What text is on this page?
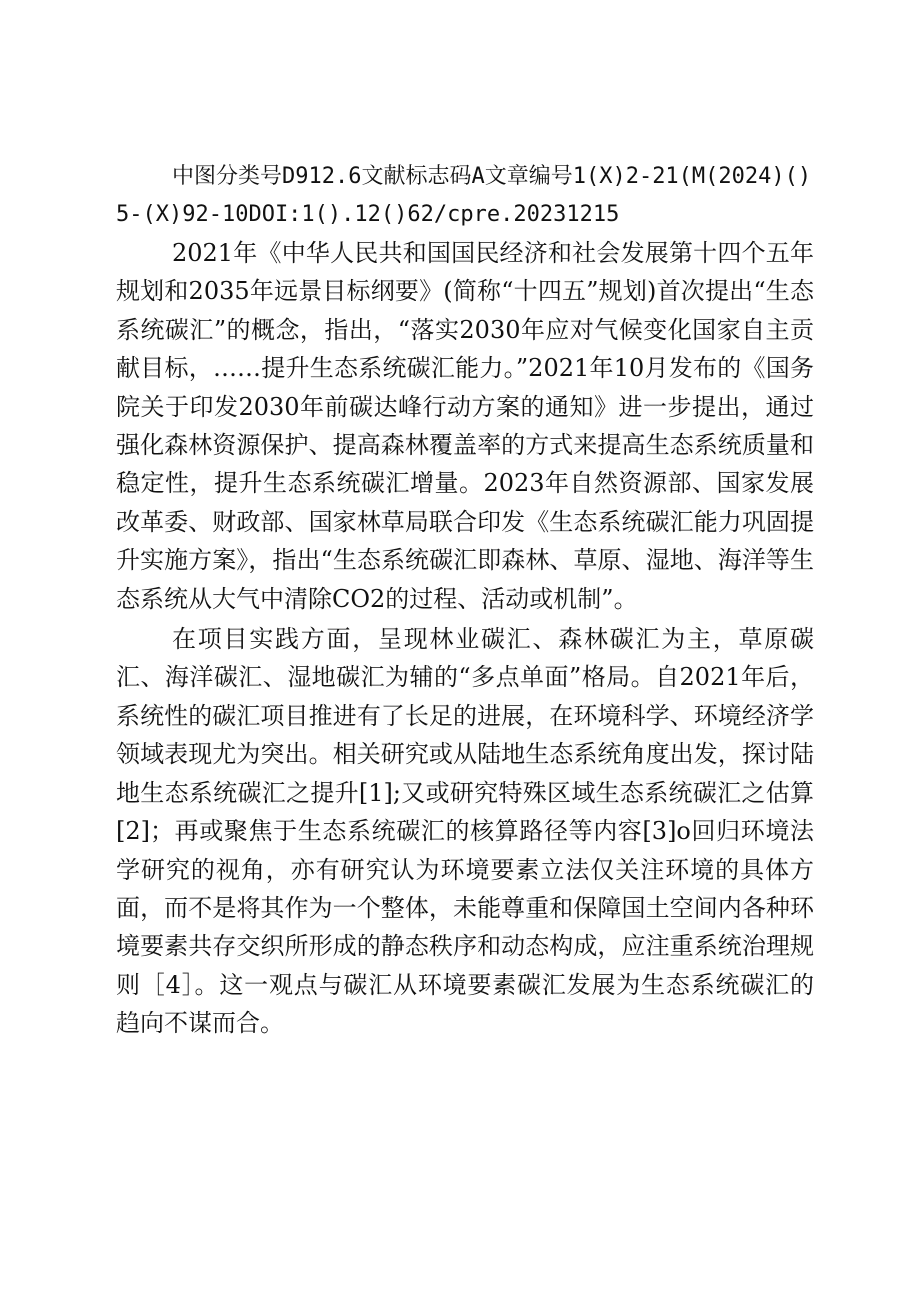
中图分类号D912.6文献标志码A文章编号1(X)2-21(M(2024)()5-(X)92-10DOI:1().12()62/cpre.20231215

2021年《中华人民共和国国民经济和社会发展第十四个五年规划和2035年远景目标纲要》(简称“十四五”规划)首次提出“生态系统碳汇”的概念，指出，“落实2030年应对气候变化国家自主贡献目标，……提升生态系统碳汇能力。”2021年10月发布的《国务院关于印发2030年前碳达峰行动方案的通知》进一步提出，通过强化森林资源保护、提高森林覆盖率的方式来提高生态系统质量和稳定性，提升生态系统碳汇增量。2023年自然资源部、国家发展改革委、财政部、国家林草局联合印发《生态系统碳汇能力巩固提升实施方案》，指出“生态系统碳汇即森林、草原、湿地、海洋等生态系统从大气中清除CO2的过程、活动或机制”。

在项目实践方面，呈现林业碳汇、森林碳汇为主，草原碳汇、海洋碳汇、湿地碳汇为辅的“多点单面”格局。自2021年后，系统性的碳汇项目推进有了长足的进展，在环境科学、环境经济学领域表现尤为突出。相关研究或从陆地生态系统角度出发，探讨陆地生态系统碳汇之提升[1];又或研究特殊区域生态系统碳汇之估算[2]；再或聚焦于生态系统碳汇的核算路径等内容[3]o回归环境法学研究的视角，亦有研究认为环境要素立法仅关注环境的具体方面，而不是将其作为一个整体，未能尊重和保障国土空间内各种环境要素共存交织所形成的静态秩序和动态构成，应注重系统治理规则［4］。这一观点与碳汇从环境要素碳汇发展为生态系统碳汇的趋向不谋而合。
